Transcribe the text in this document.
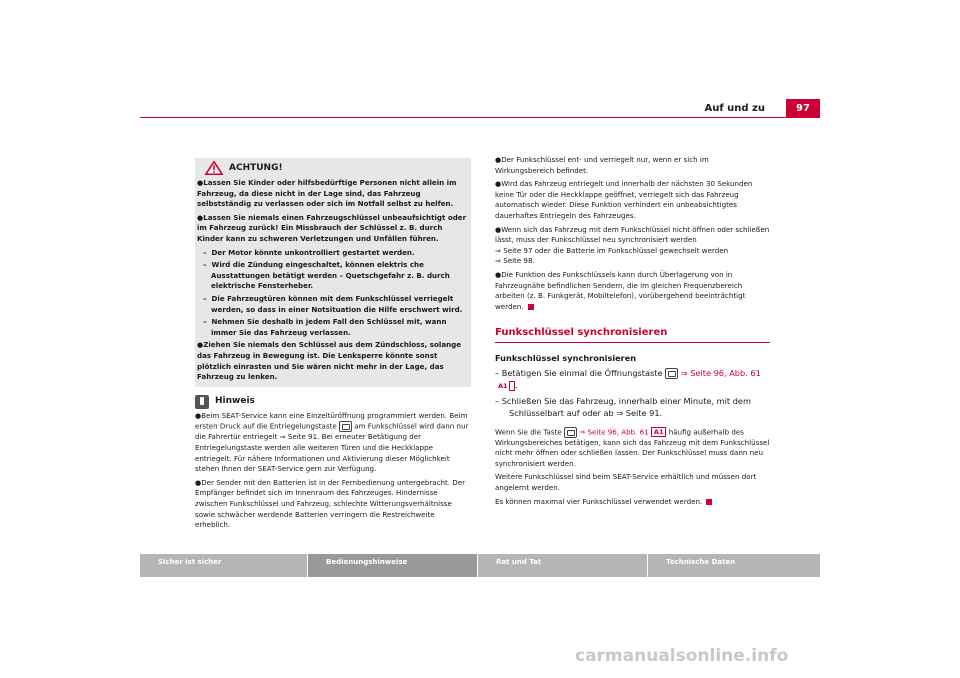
Auf und zu	97
ACHTUNG!
●Lassen Sie Kinder oder hilfsbedürftige Personen nicht allein im Fahrzeug, da diese nicht in der Lage sind, das Fahrzeug selbstständig zu verlassen oder sich im Notfall selbst zu helfen.
●Lassen Sie niemals einen Fahrzeugschlüssel unbeaufsichtigt oder im Fahrzeug zurück! Ein Missbrauch der Schlüssel z. B. durch Kinder kann zu schweren Verletzungen und Unfällen führen.
–  Der Motor könnte unkontrolliert gestartet werden.
–  Wird die Zündung eingeschaltet, können elektris che Ausstattungen betätigt werden – Quetschgefahr z. B. durch elektrische Fensterheber.
–  Die Fahrzeugtüren können mit dem Funkschlüssel verriegelt werden, so dass in einer Notsituation die Hilfe erschwert wird.
–  Nehmen Sie deshalb in jedem Fall den Schlüssel mit, wann immer Sie das Fahrzeug verlassen.
●Ziehen Sie niemals den Schlüssel aus dem Zündschloss, solange das Fahrzeug in Bewegung ist. Die Lenksperre könnte sonst plötzlich einrasten und Sie wären nicht mehr in der Lage, das Fahrzeug zu lenken.
Hinweis
●Beim SEAT-Service kann eine Einzeltüröffnung programmiert werden. Beim ersten Druck auf die Entriegelungstaste am Funkschlüssel wird dann nur die Fahrertür entriegelt ⇒ Seite 91. Bei erneuter Betätigung der Entriegelungstaste werden alle weiteren Türen und die Heckklappe entriegelt. Für nähere Informationen und Aktivierung dieser Möglichkeit stehen Ihnen der SEAT-Service gern zur Verfügung.
●Der Sender mit den Batterien ist in der Fernbedienung untergebracht. Der Empfänger befindet sich im Innenraum des Fahrzeuges. Hindernisse zwischen Funkschlüssel und Fahrzeug, schlechte Witterungsverhältnisse sowie schwächer werdende Batterien verringern die Restreichweite erheblich.
●Der Funkschlüssel ent- und verriegelt nur, wenn er sich im Wirkungsbereich befindet.
●Wird das Fahrzeug entriegelt und innerhalb der nächsten 30 Sekunden keine Tür oder die Heckklappe geöffnet, verriegelt sich das Fahrzeug automatisch wieder. Diese Funktion verhindert ein unbeabsichtigtes dauerhaftes Entriegeln des Fahrzeuges.
●Wenn sich das Fahrzeug mit dem Funkschlüssel nicht öffnen oder schließen lässt, muss der Funkschlüssel neu synchronisiert werden
⇒ Seite 97 oder die Batterie im Funkschlüssel gewechselt werden
⇒ Seite 98.
●Die Funktion des Funkschlüssels kann durch Überlagerung von in Fahrzeugnähe befindlichen Sendern, die im gleichen Frequenzbereich arbeiten (z. B. Funkgerät, Mobiltelefon), vorübergehend beeinträchtigt werden.
Funkschlüssel synchronisieren
Funkschlüssel synchronisieren
– Betätigen Sie einmal die Öffnungstaste ⇒ Seite 96, Abb. 61
A1 .
– Schließen Sie das Fahrzeug, innerhalb einer Minute, mit dem Schlüsselbart auf oder ab ⇒ Seite 91.
Wenn Sie die Taste ⇒ Seite 96, Abb. 61 A1 häufig außerhalb des Wirkungsbereiches betätigen, kann sich das Fahrzeug mit dem Funkschlüssel nicht mehr öffnen oder schließen lassen. Der Funkschlüssel muss dann neu synchronisiert werden.
Weitere Funkschlüssel sind beim SEAT-Service erhältlich und müssen dort angelernt werden.
Es können maximal vier Funkschlüssel verwendet werden.
Sicher ist sicher	Bedienungshinweise	Rat und Tat	Technische Daten
carmanualsonline.info
